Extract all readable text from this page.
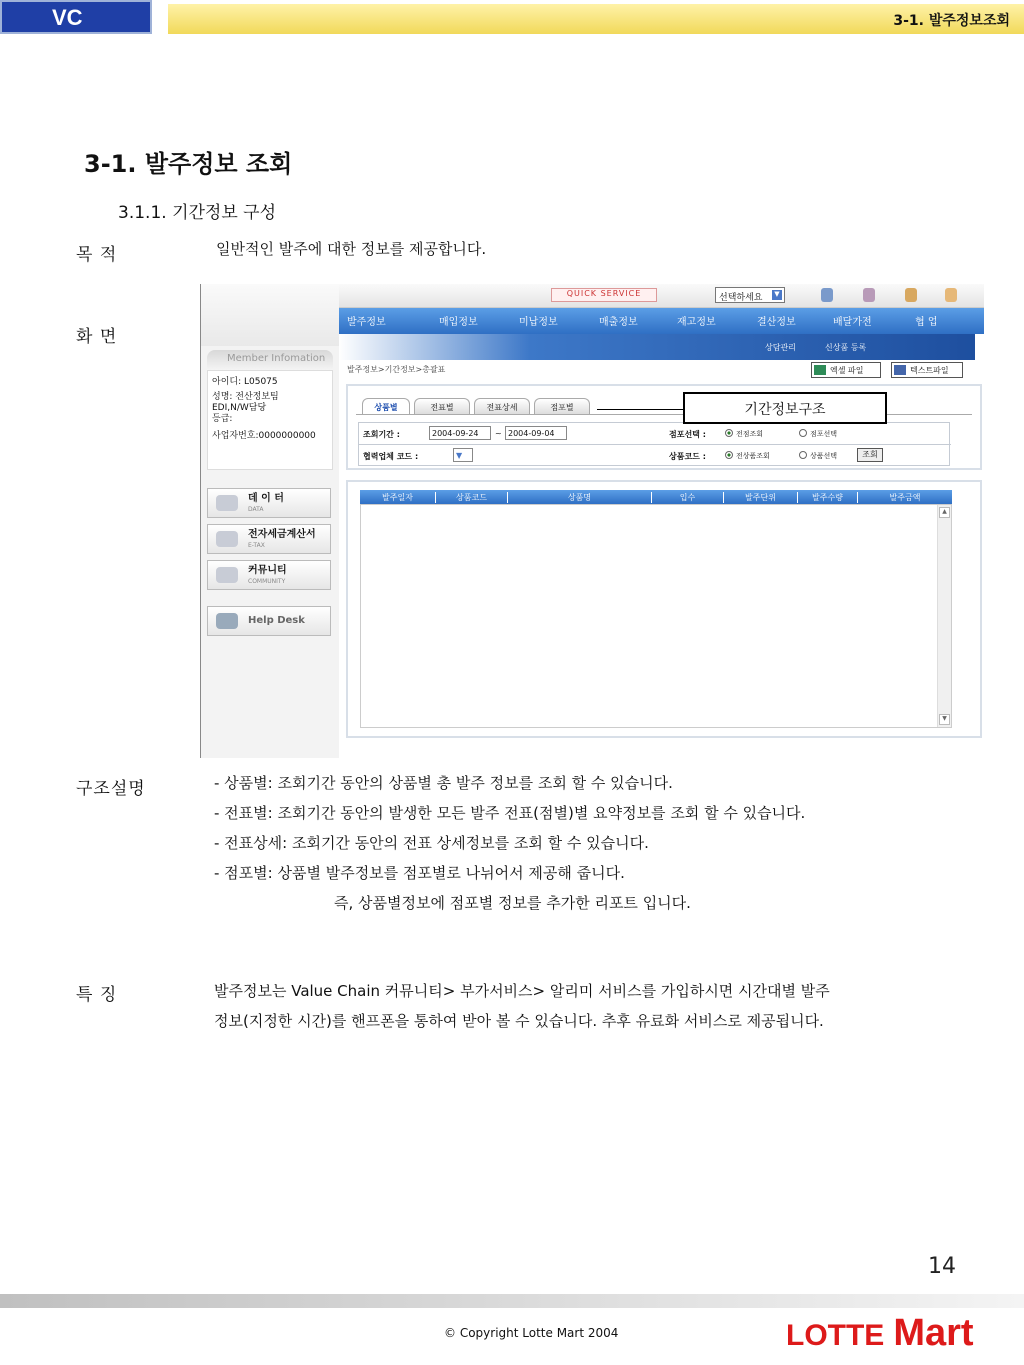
VC	3-1. 발주정보조회
3-1. 발주정보 조회
3.1.1. 기간정보 구성
목 적	일반적인 발주에 대한 정보를 제공합니다.
화 면
Member Infomation
아이디: L05075
성명: 전산정보팀
EDI,N/W담당
등급:
사업자번호:0000000000
데 이 터
DATA
전자세금계산서
E-TAX
커뮤니티
COMMUNITY
Help Desk
QUICK SERVICE	선택하세요	▼
발주정보	매입정보	미납정보	매출정보	재고정보	결산정보	배달가전	협 업
상담관리	신상품 등록
발주정보>기간정보>총괄표	엑셀 파일	텍스트파일
상품별	전표별	전표상세	점포별
조회기간 :	2004-09-24	~ 2004-09-04	점포선택 :	전점조회	점포선택
협력업체 코드 :	▼	상품코드 :	전상품조회	상품선택	조회
기간정보구조
발주일자	상품코드	상품명	입수	발주단위	발주수량	발주금액
▲
▼
구조설명	- 상품별: 조회기간 동안의 상품별 총 발주 정보를 조회 할 수 있습니다.
- 전표별: 조회기간 동안의 발생한 모든 발주 전표(점별)별 요약정보를 조회 할 수 있습니다.
- 전표상세: 조회기간 동안의 전표 상세정보를 조회 할 수 있습니다.
- 점포별: 상품별 발주정보를 점포별로 나뉘어서 제공해 줍니다.
즉, 상품별정보에 점포별 정보를 추가한 리포트 입니다.
특 징	발주정보는 Value Chain 커뮤니티> 부가서비스> 알리미 서비스를 가입하시면 시간대별 발주
정보(지정한 시간)를 핸프폰을 통하여 받아 볼 수 있습니다. 추후 유료화 서비스로 제공됩니다.
14
© Copyright Lotte Mart 2004	LOTTE Mart
